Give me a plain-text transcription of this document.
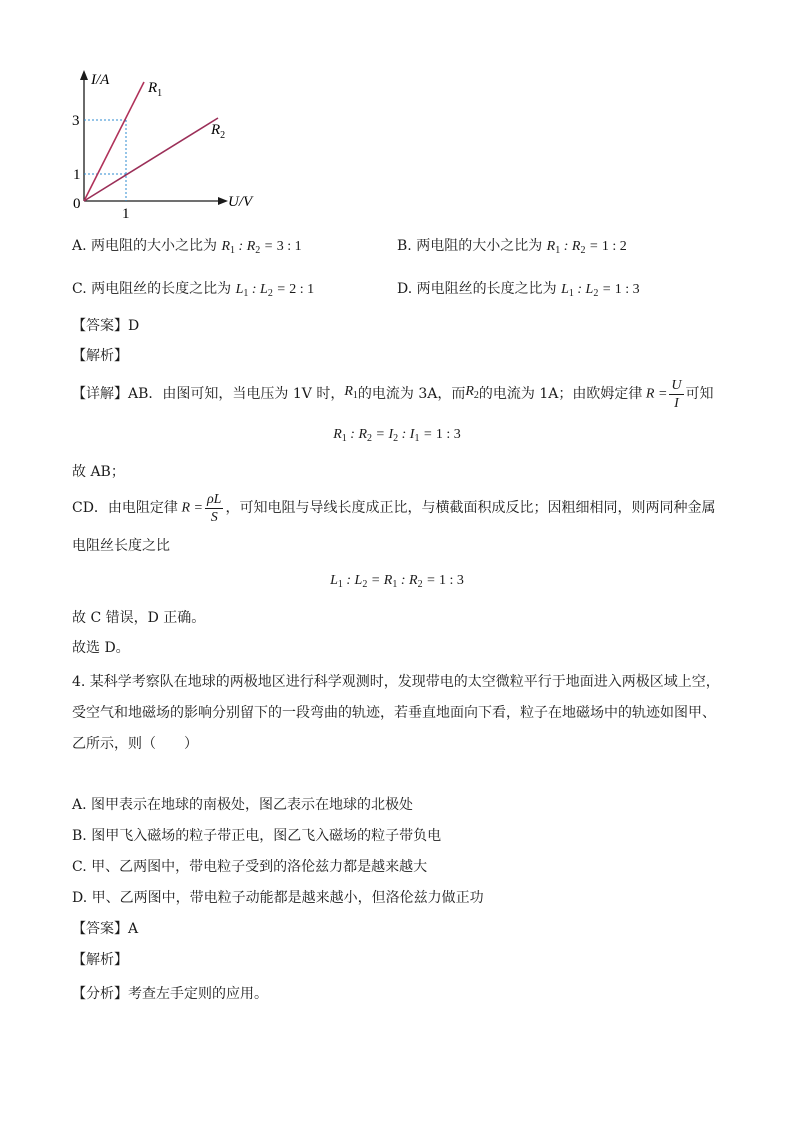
I/A
U/V
0
3
1
1
$R_1$
$R_2$
A. 两电阻的大小之比为 $R_1$ : $R_2 = 3$ : 1	B. 两电阻的大小之比为 $R_1$ : $R_2 = 1$ : 2
C. 两电阻丝的长度之比为 $L_1$ : $L_2 = 2$ : 1	D. 两电阻丝的长度之比为 $L_1$ : $L_2 = 1$ : 3
【答案】D
【解析】
【详解】AB．由图可知，当电压为 1V 时， $R_1$ 的电流为 3A，而 $R_2$ 的电流为 1A；由欧姆定律 $R = \frac{U}{I}$ 可知
$R_1$ : $R_2 = I_2$ : $I_1 = 1$ : 3
故 AB；
CD．由电阻定律 $R = \frac{\rho L}{S}$ ，可知电阻与导线长度成正比，与横截面积成反比；因粗细相同，则两同种金属
电阻丝长度之比
$L_1$ : $L_2 = R_1$ : $R_2 = 1$ : 3
故 C 错误，D 正确。
故选 D。
4. 某科学考察队在地球的两极地区进行科学观测时，发现带电的太空微粒平行于地面进入两极区域上空，
受空气和地磁场的影响分别留下的一段弯曲的轨迹，若垂直地面向下看，粒子在地磁场中的轨迹如图甲、
乙所示，则（　　）
A. 图甲表示在地球的南极处，图乙表示在地球的北极处
B. 图甲飞入磁场的粒子带正电，图乙飞入磁场的粒子带负电
C. 甲、乙两图中，带电粒子受到的洛伦兹力都是越来越大
D. 甲、乙两图中，带电粒子动能都是越来越小，但洛伦兹力做正功
【答案】A
【解析】
【分析】考查左手定则的应用。
